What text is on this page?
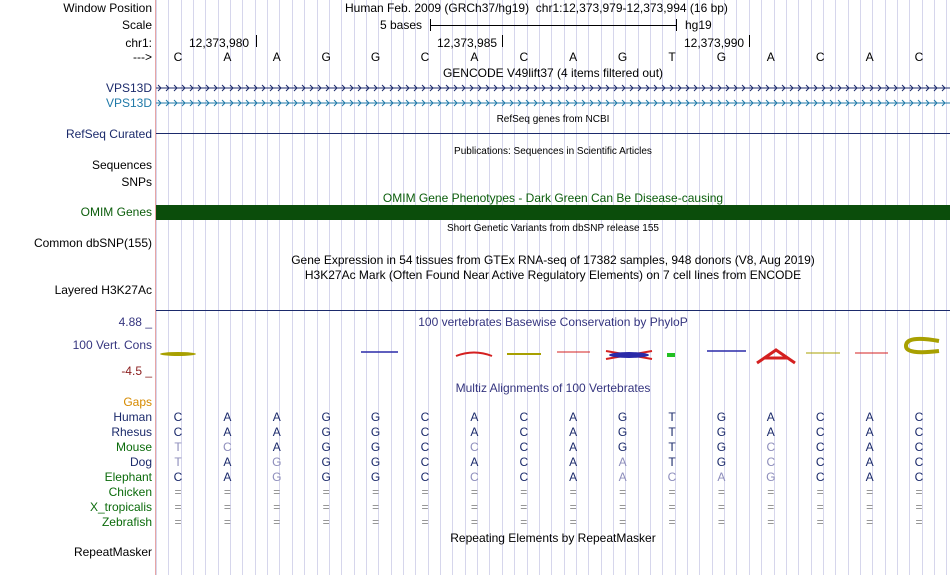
Window Position	Human Feb. 2009 (GRCh37/hg19) chr1:12,373,979-12,373,994 (16 bp)
Scale	5 bases	hg19
chr1:	12,373,980	12,373,985	12,373,990
--->	C	A	A	G	G	C	A	C	A	G	T	G	A	C	A	C
GENCODE V49lift37 (4 items filtered out)
VPS13D
VPS13D
RefSeq genes from NCBI
RefSeq Curated
Publications: Sequences in Scientific Articles
Sequences
SNPs
OMIM Gene Phenotypes - Dark Green Can Be Disease-causing
OMIM Genes
Short Genetic Variants from dbSNP release 155
Common dbSNP(155)
Gene Expression in 54 tissues from GTEx RNA-seq of 17382 samples, 948 donors (V8, Aug 2019)
H3K27Ac Mark (Often Found Near Active Regulatory Elements) on 7 cell lines from ENCODE
Layered H3K27Ac
4.88 _	100 vertebrates Basewise Conservation by PhyloP
100 Vert. Cons
-4.5 _
Multiz Alignments of 100 Vertebrates
Gaps
Human	C	A	A	G	G	C	A	C	A	G	T	G	A	C	A	C
Rhesus	C	A	A	G	G	C	A	C	A	G	T	G	A	C	A	C
Mouse	T	C	A	G	G	C	C	C	A	G	T	G	C	C	A	C
Dog	T	A	G	G	G	C	A	C	A	A	T	G	C	C	A	C
Elephant	C	A	G	G	G	C	C	C	A	A	C	A	G	C	A	C
Chicken	=	=	=	=	=	=	=	=	=	=	=	=	=	=	=	=
X_tropicalis	=	=	=	=	=	=	=	=	=	=	=	=	=	=	=	=
Zebrafish	=	=	=	=	=	=	=	=	=	=	=	=	=	=	=	=
Repeating Elements by RepeatMasker
RepeatMasker
